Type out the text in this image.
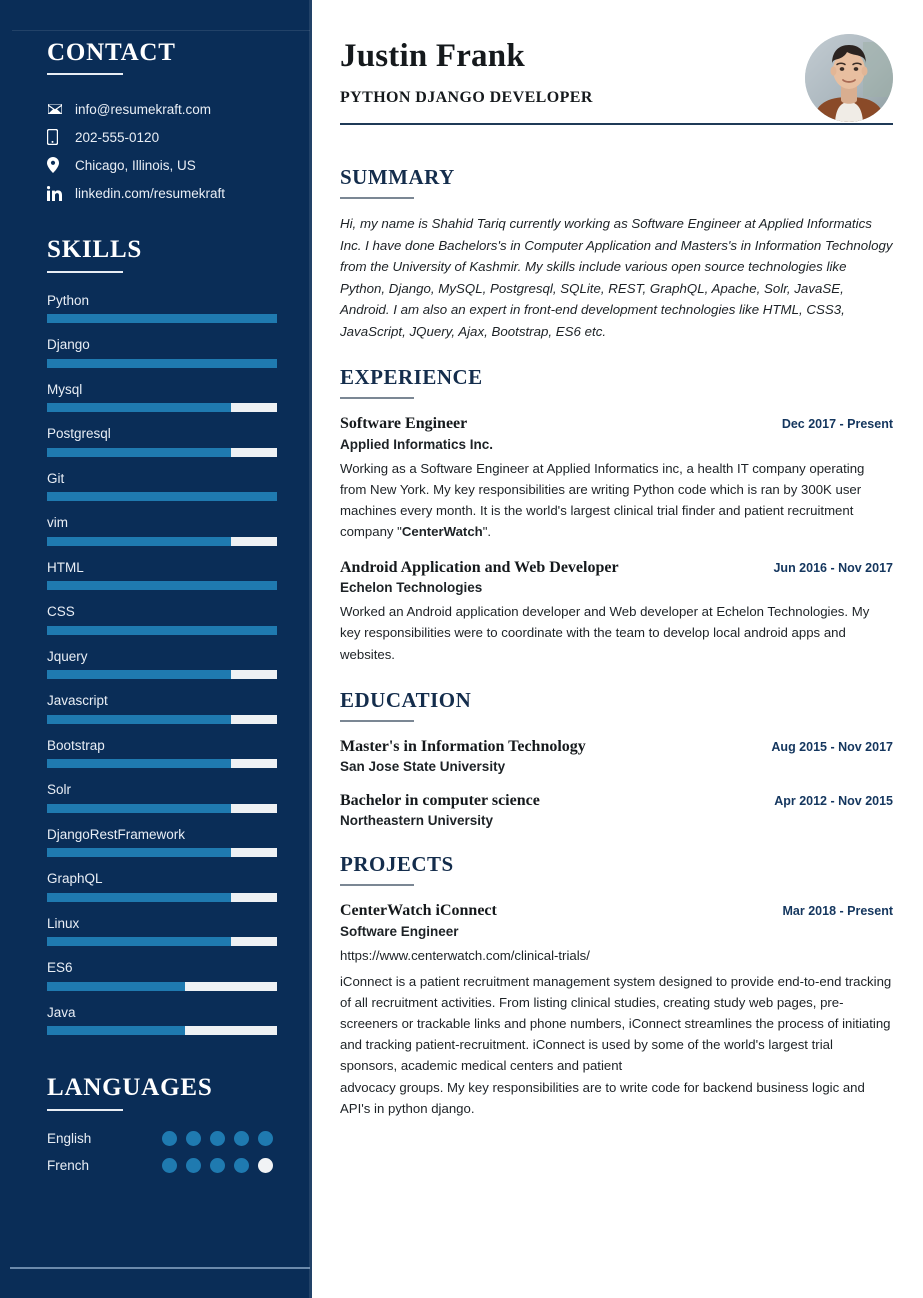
CONTACT
info@resumekraft.com
202-555-0120
Chicago, Illinois, US
linkedin.com/resumekraft
SKILLS
Python
Django
Mysql
Postgresql
Git
vim
HTML
CSS
Jquery
Javascript
Bootstrap
Solr
DjangoRestFramework
GraphQL
Linux
ES6
Java
LANGUAGES
English
French
Justin Frank
PYTHON DJANGO DEVELOPER
SUMMARY

Hi, my name is Shahid Tariq currently working as Software Engineer at Applied Informatics Inc. I have done Bachelors's in Computer Application and Masters's in Information Technology from the University of Kashmir. My skills include various open source technologies like Python, Django, MySQL, Postgresql, SQLite, REST, GraphQL, Apache, Solr, JavaSE, Android. I am also an expert in front-end development technologies like HTML, CSS3, JavaScript, JQuery, Ajax, Bootstrap, ES6 etc.

EXPERIENCE
Software Engineer	Dec 2017 - Present
Applied Informatics Inc.
Working as a Software Engineer at Applied Informatics inc, a health IT company operating from New York. My key responsibilities are writing Python code which is ran by 300K user machines every month. It is the world's largest clinical trial finder and patient recruitment company "CenterWatch".
Android Application and Web Developer	Jun 2016 - Nov 2017
Echelon Technologies
Worked an Android application developer and Web developer at Echelon Technologies. My key responsibilities were to coordinate with the team to develop local android apps and websites.
EDUCATION
Master's in Information Technology	Aug 2015 - Nov 2017
San Jose State University
Bachelor in computer science	Apr 2012 - Nov 2015
Northeastern University
PROJECTS
CenterWatch iConnect	Mar 2018 - Present
Software Engineer
https://www.centerwatch.com/clinical-trials/
iConnect is a patient recruitment management system designed to provide end-to-end tracking of all recruitment activities. From listing clinical studies, creating study web pages, pre-screeners or trackable links and phone numbers, iConnect streamlines the process of initiating and tracking patient-recruitment. iConnect is used by some of the world's largest trial sponsors, academic medical centers and patient
advocacy groups. My key responsibilities are to write code for backend business logic and API's in python django.
